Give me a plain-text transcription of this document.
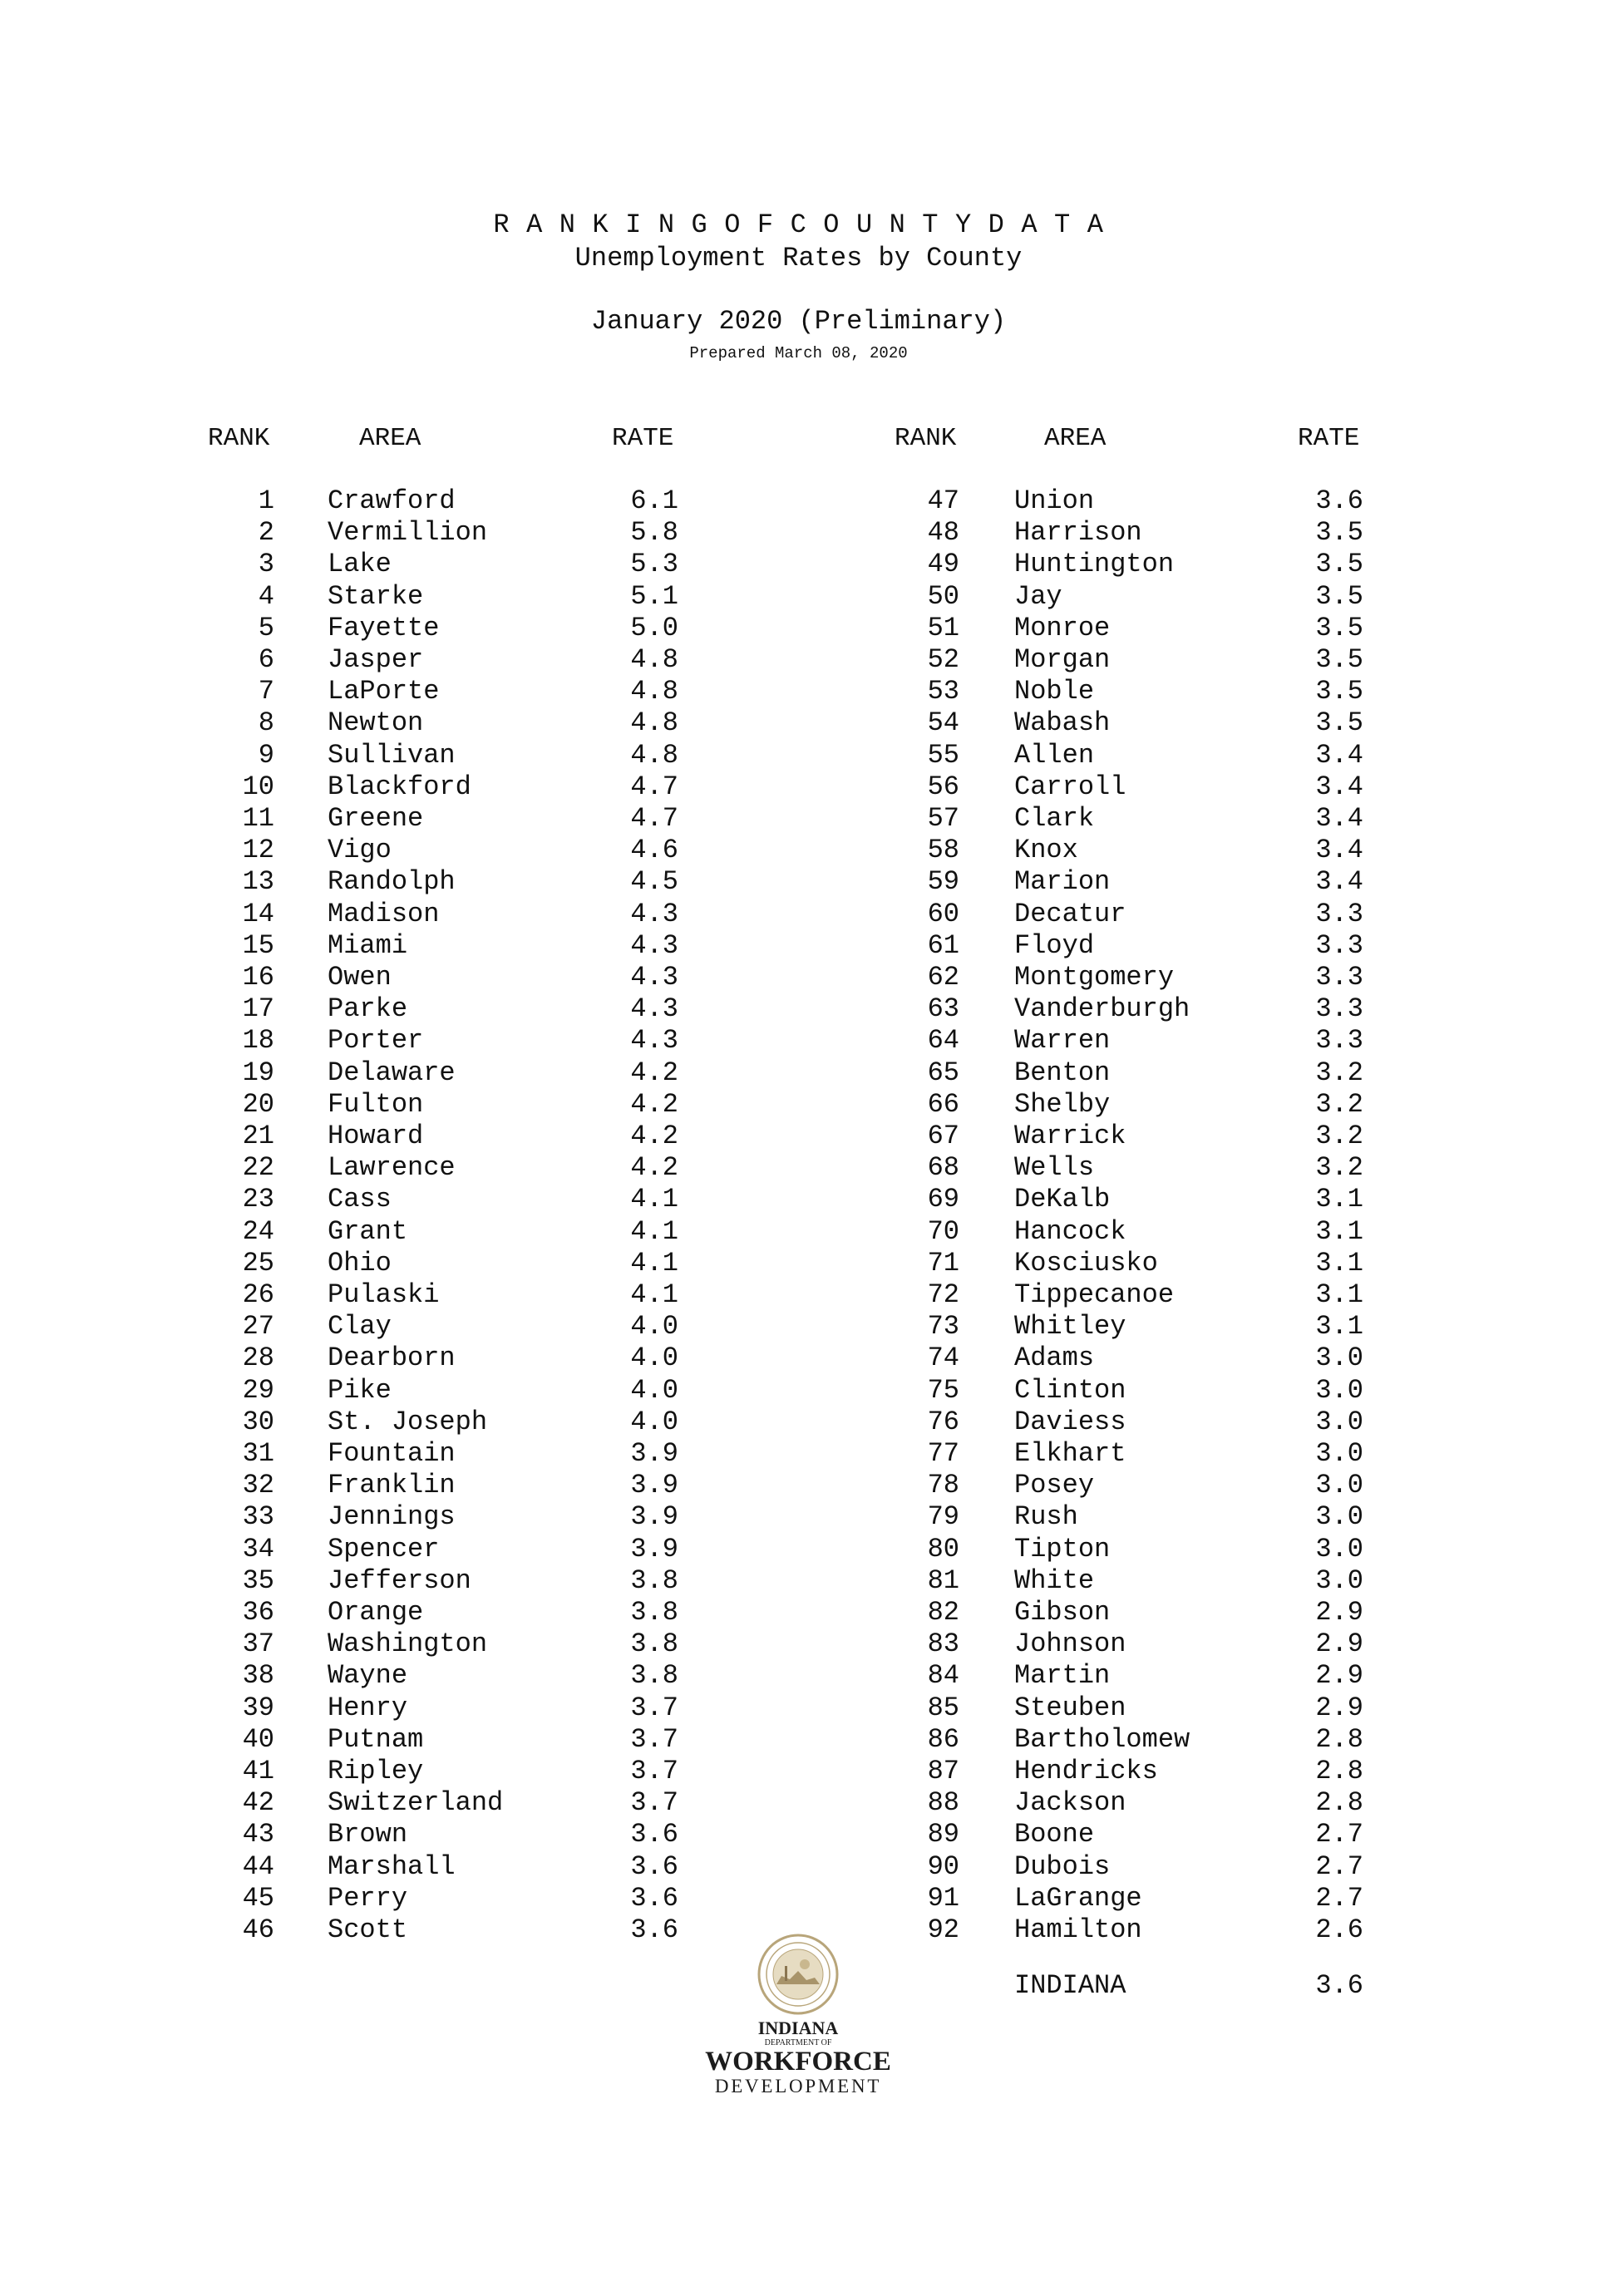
R A N K I N G O F C O U N T Y D A T A
Unemployment Rates by County
January 2020 (Preliminary)
Prepared March 08, 2020
RANK	AREA	RATE	RANK	AREA	RATE
1 Crawford	6.1
2 Vermillion	5.8
3 Lake	5.3
4 Starke	5.1
5 Fayette	5.0
6 Jasper	4.8
7 LaPorte	4.8
8 Newton	4.8
9 Sullivan	4.8
10 Blackford	4.7
11 Greene	4.7
12 Vigo	4.6
13 Randolph	4.5
14 Madison	4.3
15 Miami	4.3
16 Owen	4.3
17 Parke	4.3
18 Porter	4.3
19 Delaware	4.2
20 Fulton	4.2
21 Howard	4.2
22 Lawrence	4.2
23 Cass	4.1
24 Grant	4.1
25 Ohio	4.1
26 Pulaski	4.1
27 Clay	4.0
28 Dearborn	4.0
29 Pike	4.0
30 St. Joseph	4.0
31 Fountain	3.9
32 Franklin	3.9
33 Jennings	3.9
34 Spencer	3.9
35 Jefferson	3.8
36 Orange	3.8
37 Washington	3.8
38 Wayne	3.8
39 Henry	3.7
40 Putnam	3.7
41 Ripley	3.7
42 Switzerland	3.7
43 Brown	3.6
44 Marshall	3.6
45 Perry	3.6
46 Scott	3.6
47 Union	3.6
48 Harrison	3.5
49 Huntington	3.5
50 Jay	3.5
51 Monroe	3.5
52 Morgan	3.5
53 Noble	3.5
54 Wabash	3.5
55 Allen	3.4
56 Carroll	3.4
57 Clark	3.4
58 Knox	3.4
59 Marion	3.4
60 Decatur	3.3
61 Floyd	3.3
62 Montgomery	3.3
63 Vanderburgh	3.3
64 Warren	3.3
65 Benton	3.2
66 Shelby	3.2
67 Warrick	3.2
68 Wells	3.2
69 DeKalb	3.1
70 Hancock	3.1
71 Kosciusko	3.1
72 Tippecanoe	3.1
73 Whitley	3.1
74 Adams	3.0
75 Clinton	3.0
76 Daviess	3.0
77 Elkhart	3.0
78 Posey	3.0
79 Rush	3.0
80 Tipton	3.0
81 White	3.0
82 Gibson	2.9
83 Johnson	2.9
84 Martin	2.9
85 Steuben	2.9
86 Bartholomew	2.8
87 Hendricks	2.8
88 Jackson	2.8
89 Boone	2.7
90 Dubois	2.7
91 LaGrange	2.7
92 Hamilton	2.6
INDIANA	3.6
INDIANA
DEPARTMENT OF
WORKFORCE
DEVELOPMENT
